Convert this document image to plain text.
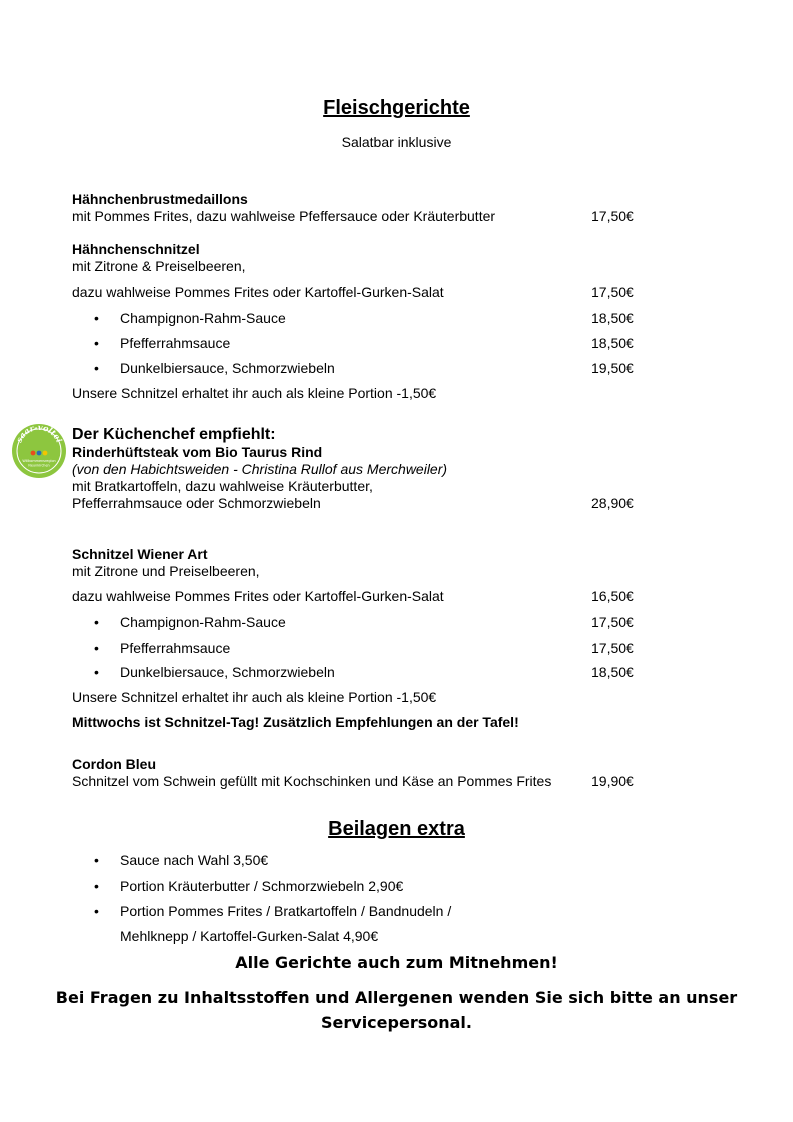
Fleischgerichte
Salatbar inklusive
Hähnchenbrustmedaillons
mit Pommes Frites, dazu wahlweise Pfeffersauce oder Kräuterbutter	17,50€
Hähnchenschnitzel
mit Zitrone & Preiselbeeren,
dazu wahlweise Pommes Frites oder Kartoffel-Gurken-Salat	17,50€
• Champignon-Rahm-Sauce	18,50€
• Pfefferrahmsauce	18,50€
• Dunkelbiersauce, Schmorzwiebeln	19,50€
Unsere Schnitzel erhaltet ihr auch als kleine Portion -1,50€
saar-voltei
Willkommensregion
Neunkirchen
Der Küchenchef empfiehlt:
Rinderhüftsteak vom Bio Taurus Rind
(von den Habichtsweiden - Christina Rullof aus Merchweiler)
mit Bratkartoffeln, dazu wahlweise Kräuterbutter,
Pfefferrahmsauce oder Schmorzwiebeln	28,90€
Schnitzel Wiener Art
mit Zitrone und Preiselbeeren,
dazu wahlweise Pommes Frites oder Kartoffel-Gurken-Salat	16,50€
• Champignon-Rahm-Sauce	17,50€
• Pfefferrahmsauce	17,50€
• Dunkelbiersauce, Schmorzwiebeln	18,50€
Unsere Schnitzel erhaltet ihr auch als kleine Portion -1,50€
Mittwochs ist Schnitzel-Tag! Zusätzlich Empfehlungen an der Tafel!
Cordon Bleu
Schnitzel vom Schwein gefüllt mit Kochschinken und Käse an Pommes Frites	19,90€
Beilagen extra
• Sauce nach Wahl 3,50€
• Portion Kräuterbutter / Schmorzwiebeln 2,90€
• Portion Pommes Frites / Bratkartoffeln / Bandnudeln /
Mehlknepp / Kartoffel-Gurken-Salat 4,90€
Alle Gerichte auch zum Mitnehmen!
Bei Fragen zu Inhaltsstoffen und Allergenen wenden Sie sich bitte an unser
Servicepersonal.
